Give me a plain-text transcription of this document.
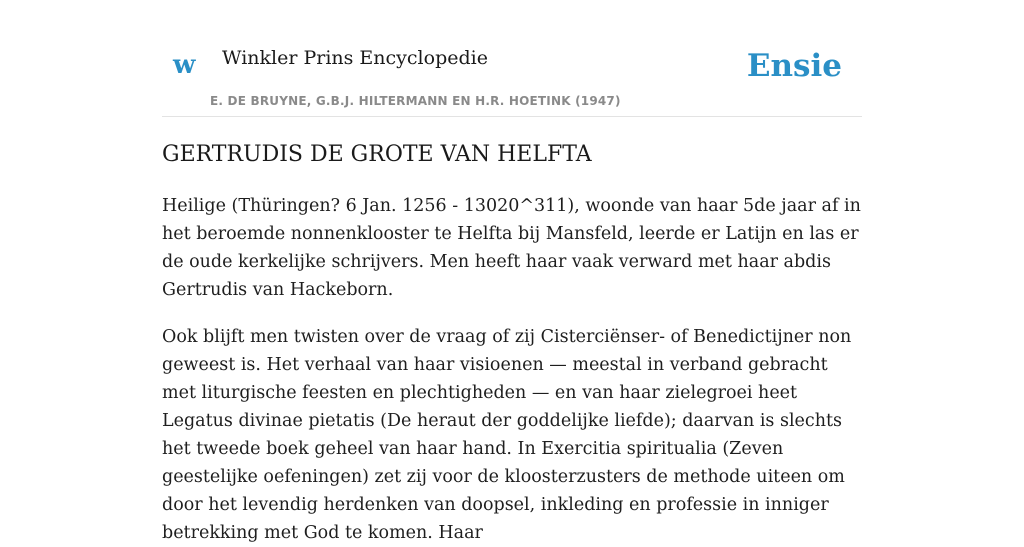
w Winkler Prins Encyclopedie
E. DE BRUYNE, G.B.J. HILTERMANN EN H.R. HOETINK (1947)
Ensie
GERTRUDIS DE GROTE VAN HELFTA

Heilige (Thüringen? 6 Jan. 1256 - 13020^311), woonde van haar 5de jaar af in het beroemde nonnenklooster te Helfta bij Mansfeld, leerde er Latijn en las er de oude kerkelijke schrijvers. Men heeft haar vaak verward met haar abdis Gertrudis van Hackeborn.

Ook blijft men twisten over de vraag of zij Cisterciënser- of Benedictijner non geweest is. Het verhaal van haar visioenen — meestal in verband gebracht met liturgische feesten en plechtigheden — en van haar zielegroei heet Legatus divinae pietatis (De heraut der goddelijke liefde); daarvan is slechts het tweede boek geheel van haar hand. In Exercitia spiritualia (Zeven geestelijke oefeningen) zet zij voor de kloosterzusters de methode uiteen om door het levendig herdenken van doopsel, inkleding en professie in inniger betrekking met God te komen. Haar
